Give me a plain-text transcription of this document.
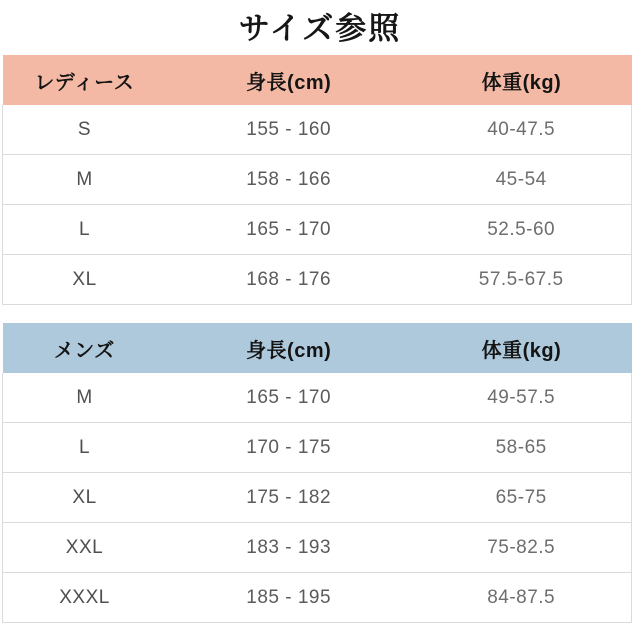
サイズ参照
レディース	身長(cm)	体重(kg)
S	155 - 160	40-47.5
M	158 - 166	45-54
L	165 - 170	52.5-60
XL	168 - 176	57.5-67.5
メンズ	身長(cm)	体重(kg)
M	165 - 170	49-57.5
L	170 - 175	58-65
XL	175 - 182	65-75
XXL	183 - 193	75-82.5
XXXL	185 - 195	84-87.5
